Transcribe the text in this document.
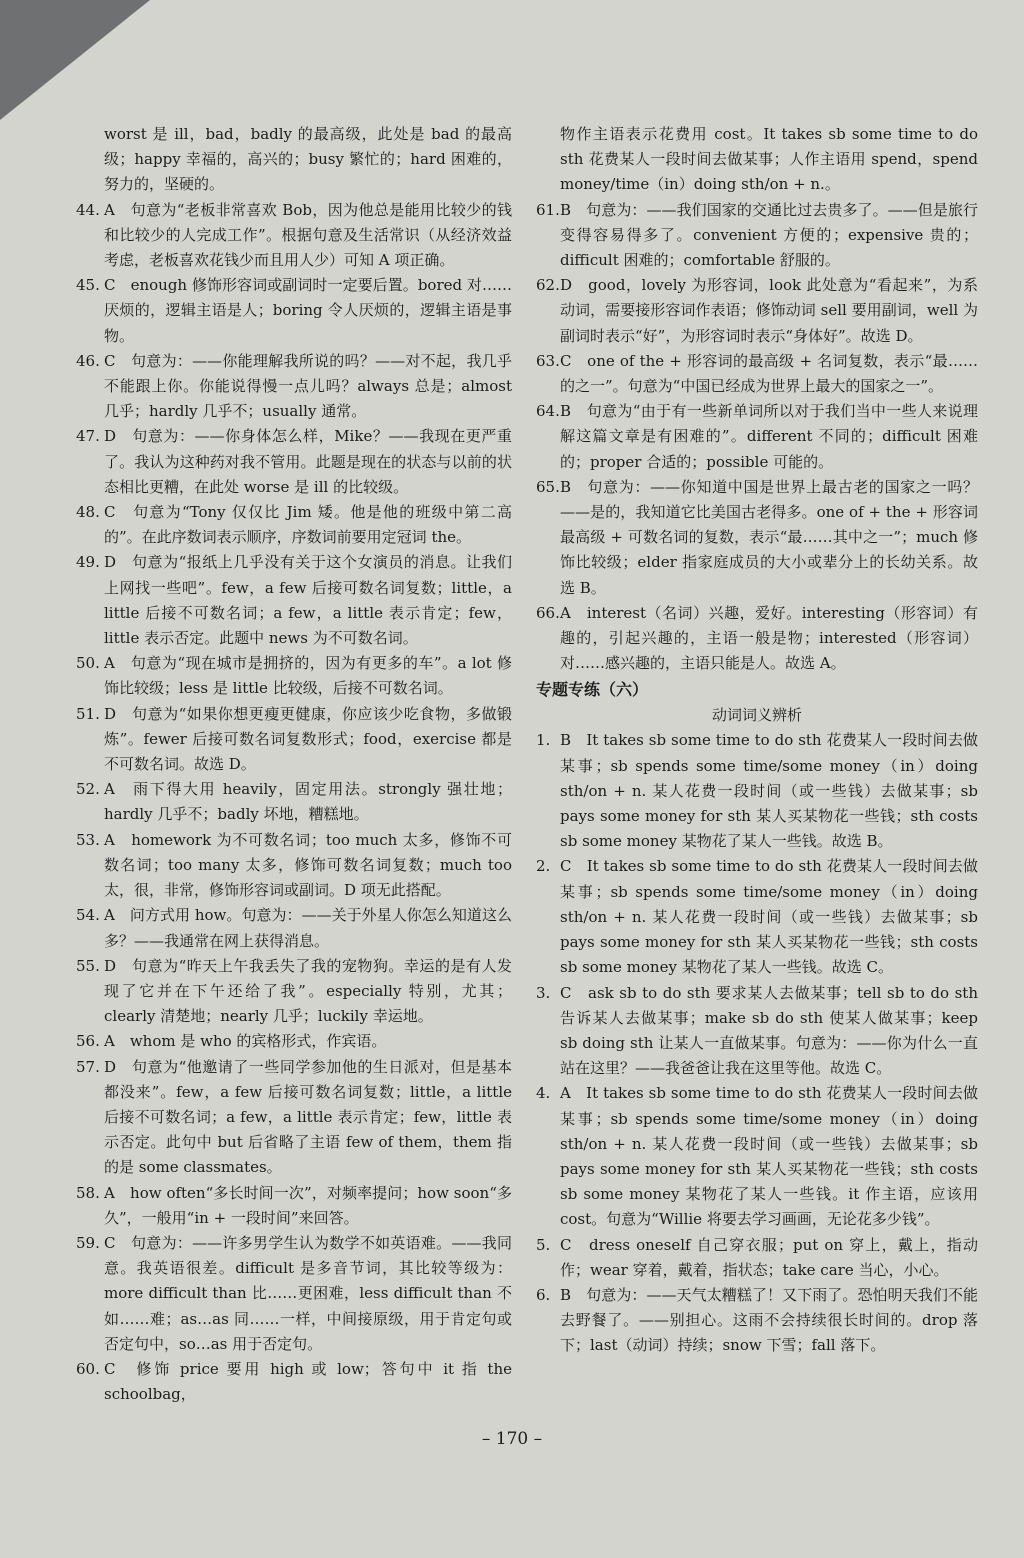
worst 是 ill，bad，badly 的最高级，此处是 bad 的最高级；happy 幸福的，高兴的；busy 繁忙的；hard 困难的，努力的，坚硬的。
44. A　句意为“老板非常喜欢 Bob，因为他总是能用比较少的钱和比较少的人完成工作”。根据句意及生活常识（从经济效益考虑，老板喜欢花钱少而且用人少）可知 A 项正确。
45. C　enough 修饰形容词或副词时一定要后置。bored 对……厌烦的，逻辑主语是人；boring 令人厌烦的，逻辑主语是事物。
46. C　句意为：——你能理解我所说的吗？——对不起，我几乎不能跟上你。你能说得慢一点儿吗？always 总是；almost 几乎；hardly 几乎不；usually 通常。
47. D　句意为：——你身体怎么样，Mike？——我现在更严重了。我认为这种药对我不管用。此题是现在的状态与以前的状态相比更糟，在此处 worse 是 ill 的比较级。
48. C　句意为“Tony 仅仅比 Jim 矮。他是他的班级中第二高的”。在此序数词表示顺序，序数词前要用定冠词 the。
49. D　句意为“报纸上几乎没有关于这个女演员的消息。让我们上网找一些吧”。few，a few 后接可数名词复数；little，a little 后接不可数名词；a few，a little 表示肯定；few，little 表示否定。此题中 news 为不可数名词。
50. A　句意为“现在城市是拥挤的，因为有更多的车”。a lot 修饰比较级；less 是 little 比较级，后接不可数名词。
51. D　句意为“如果你想更瘦更健康，你应该少吃食物，多做锻炼”。fewer 后接可数名词复数形式；food，exercise 都是不可数名词。故选 D。
52. A　雨下得大用 heavily，固定用法。strongly 强壮地；hardly 几乎不；badly 坏地，糟糕地。
53. A　homework 为不可数名词；too much 太多，修饰不可数名词；too many 太多，修饰可数名词复数；much too 太，很，非常，修饰形容词或副词。D 项无此搭配。
54. A　问方式用 how。句意为：——关于外星人你怎么知道这么多？——我通常在网上获得消息。
55. D　句意为“昨天上午我丢失了我的宠物狗。幸运的是有人发现了它并在下午还给了我”。especially 特别，尤其；clearly 清楚地；nearly 几乎；luckily 幸运地。
56. A　whom 是 who 的宾格形式，作宾语。
57. D　句意为“他邀请了一些同学参加他的生日派对，但是基本都没来”。few，a few 后接可数名词复数；little，a little 后接不可数名词；a few，a little 表示肯定；few，little 表示否定。此句中 but 后省略了主语 few of them，them 指的是 some classmates。
58. A　how often“多长时间一次”，对频率提问；how soon“多久”，一般用“in + 一段时间”来回答。
59. C　句意为：——许多男学生认为数学不如英语难。——我同意。我英语很差。difficult 是多音节词，其比较等级为：more difficult than 比……更困难，less difficult than 不如……难；as…as 同……一样，中间接原级，用于肯定句或否定句中，so…as 用于否定句。
60. C　修饰 price 要用 high 或 low；答句中 it 指 the schoolbag，
物作主语表示花费用 cost。It takes sb some time to do sth 花费某人一段时间去做某事；人作主语用 spend，spend money/time（in）doing sth/on + n.。
61. B　句意为：——我们国家的交通比过去贵多了。——但是旅行变得容易得多了。convenient 方便的；expensive 贵的；difficult 困难的；comfortable 舒服的。
62. D　good，lovely 为形容词，look 此处意为“看起来”，为系动词，需要接形容词作表语；修饰动词 sell 要用副词，well 为副词时表示“好”，为形容词时表示“身体好”。故选 D。
63. C　one of the + 形容词的最高级 + 名词复数，表示“最……的之一”。句意为“中国已经成为世界上最大的国家之一”。
64. B　句意为“由于有一些新单词所以对于我们当中一些人来说理解这篇文章是有困难的”。different 不同的；difficult 困难的；proper 合适的；possible 可能的。
65. B　句意为：——你知道中国是世界上最古老的国家之一吗？——是的，我知道它比美国古老得多。one of + the + 形容词最高级 + 可数名词的复数，表示“最……其中之一”；much 修饰比较级；elder 指家庭成员的大小或辈分上的长幼关系。故选 B。
66. A　interest（名词）兴趣，爱好。interesting（形容词）有趣的，引起兴趣的，主语一般是物；interested（形容词）对……感兴趣的，主语只能是人。故选 A。
专题专练（六）
动词词义辨析
1. B　It takes sb some time to do sth 花费某人一段时间去做某事；sb spends some time/some money（in）doing sth/on + n. 某人花费一段时间（或一些钱）去做某事；sb pays some money for sth 某人买某物花一些钱；sth costs sb some money 某物花了某人一些钱。故选 B。
2. C　It takes sb some time to do sth 花费某人一段时间去做某事；sb spends some time/some money（in）doing sth/on + n. 某人花费一段时间（或一些钱）去做某事；sb pays some money for sth 某人买某物花一些钱；sth costs sb some money 某物花了某人一些钱。故选 C。
3. C　ask sb to do sth 要求某人去做某事；tell sb to do sth 告诉某人去做某事；make sb do sth 使某人做某事；keep sb doing sth 让某人一直做某事。句意为：——你为什么一直站在这里？——我爸爸让我在这里等他。故选 C。
4. A　It takes sb some time to do sth 花费某人一段时间去做某事；sb spends some time/some money（in）doing sth/on + n. 某人花费一段时间（或一些钱）去做某事；sb pays some money for sth 某人买某物花一些钱；sth costs sb some money 某物花了某人一些钱。it 作主语，应该用 cost。句意为“Willie 将要去学习画画，无论花多少钱”。
5. C　dress oneself 自己穿衣服；put on 穿上，戴上，指动作；wear 穿着，戴着，指状态；take care 当心，小心。
6. B　句意为：——天气太糟糕了！又下雨了。恐怕明天我们不能去野餐了。——别担心。这雨不会持续很长时间的。drop 落下；last（动词）持续；snow 下雪；fall 落下。
– 170 –
